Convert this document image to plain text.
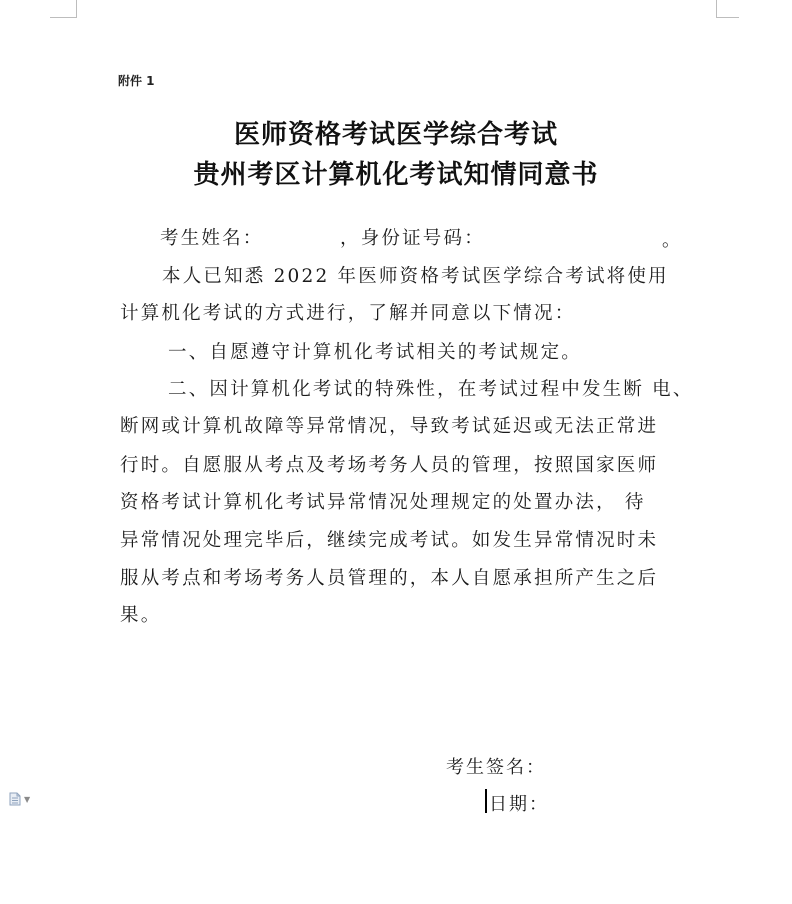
附件 1
医师资格考试医学综合考试
贵州考区计算机化考试知情同意书
考生姓名：	，身份证号码：	。
本人已知悉 2022 年医师资格考试医学综合考试将使用
计算机化考试的方式进行，了解并同意以下情况：
一、自愿遵守计算机化考试相关的考试规定。
二、因计算机化考试的特殊性，在考试过程中发生断 电、
断网或计算机故障等异常情况，导致考试延迟或无法正常进
行时。自愿服从考点及考场考务人员的管理，按照国家医师
资格考试计算机化考试异常情况处理规定的处置办法， 待
异常情况处理完毕后，继续完成考试。如发生异常情况时未
服从考点和考场考务人员管理的，本人自愿承担所产生之后
果。
考生签名：
日期：
▼
